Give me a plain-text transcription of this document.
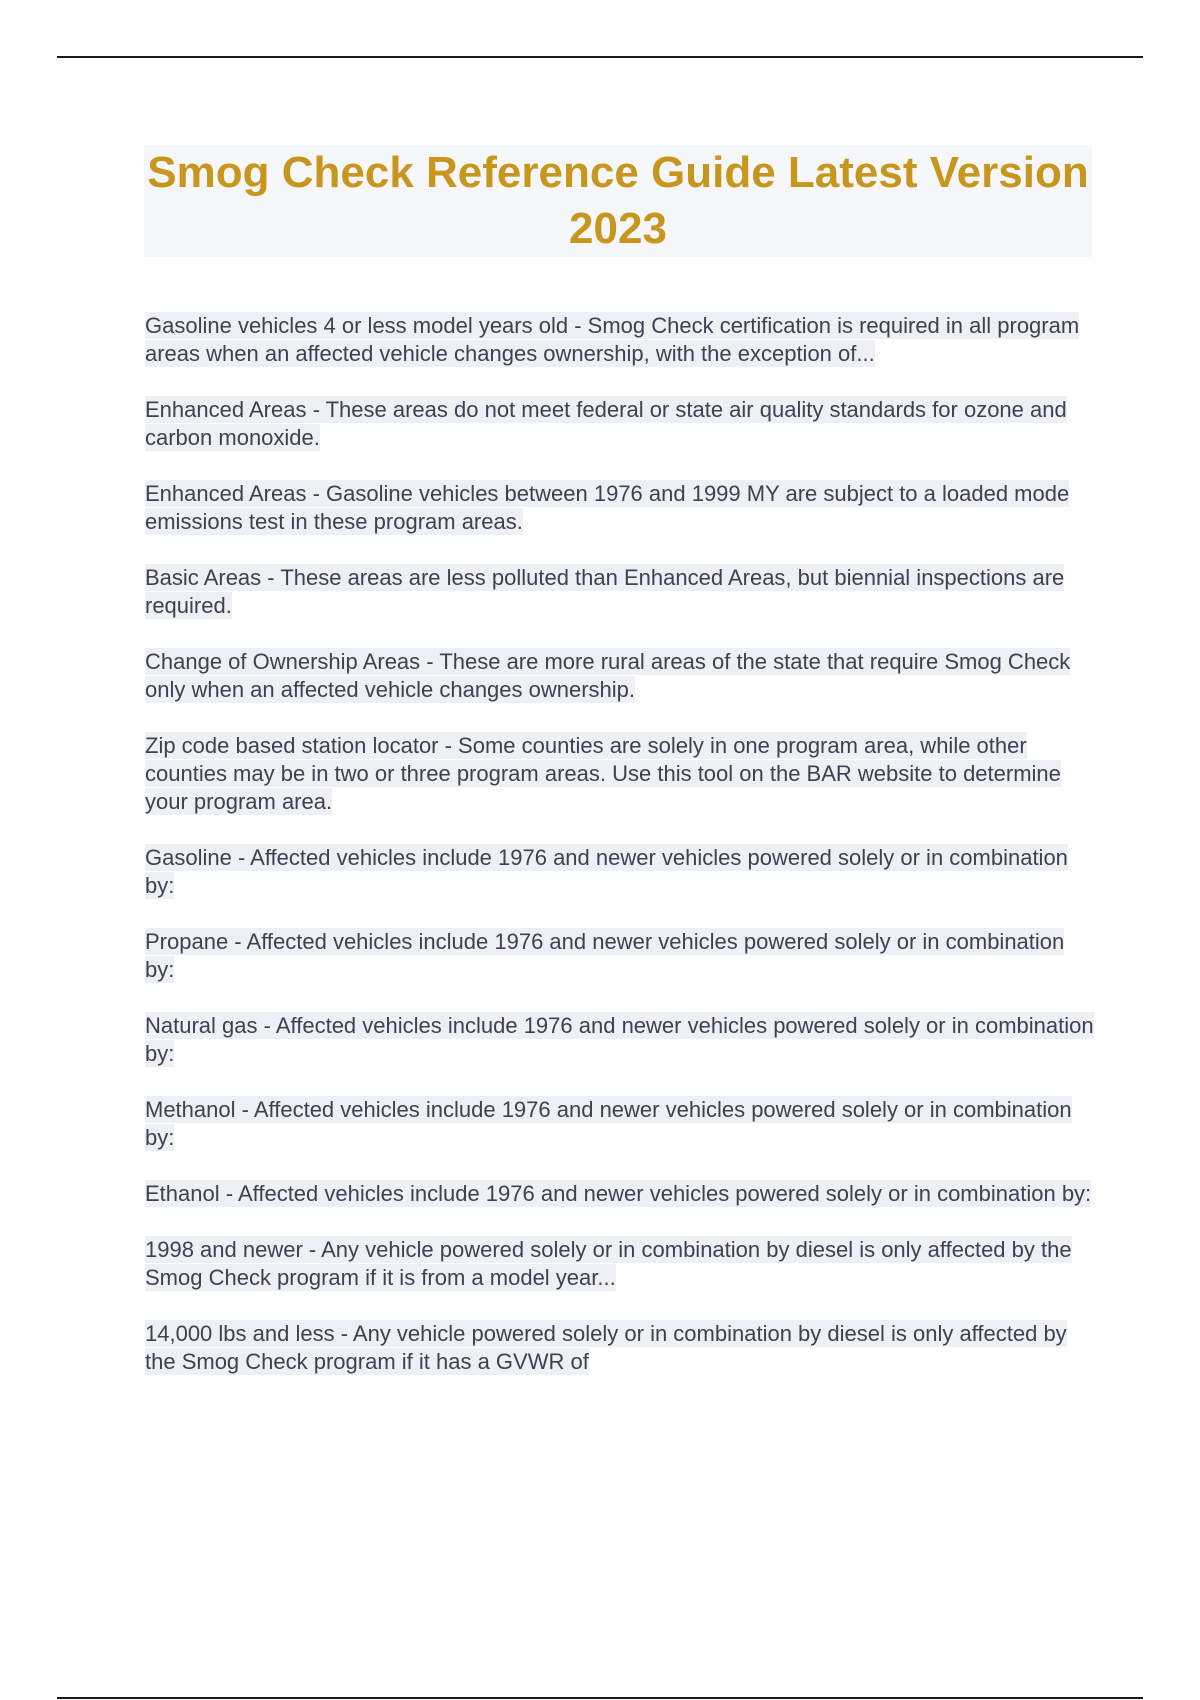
Smog Check Reference Guide Latest Version 2023

Gasoline vehicles 4 or less model years old - Smog Check certification is required in all program areas when an affected vehicle changes ownership, with the exception of...

Enhanced Areas - These areas do not meet federal or state air quality standards for ozone and carbon monoxide.

Enhanced Areas - Gasoline vehicles between 1976 and 1999 MY are subject to a loaded mode emissions test in these program areas.

Basic Areas - These areas are less polluted than Enhanced Areas, but biennial inspections are required.

Change of Ownership Areas - These are more rural areas of the state that require Smog Check only when an affected vehicle changes ownership.

Zip code based station locator - Some counties are solely in one program area, while other counties may be in two or three program areas. Use this tool on the BAR website to determine your program area.

Gasoline - Affected vehicles include 1976 and newer vehicles powered solely or in combination by:

Propane - Affected vehicles include 1976 and newer vehicles powered solely or in combination by:

Natural gas - Affected vehicles include 1976 and newer vehicles powered solely or in combination by:

Methanol - Affected vehicles include 1976 and newer vehicles powered solely or in combination by:

Ethanol - Affected vehicles include 1976 and newer vehicles powered solely or in combination by:

1998 and newer - Any vehicle powered solely or in combination by diesel is only affected by the Smog Check program if it is from a model year...

14,000 lbs and less - Any vehicle powered solely or in combination by diesel is only affected by the Smog Check program if it has a GVWR of
